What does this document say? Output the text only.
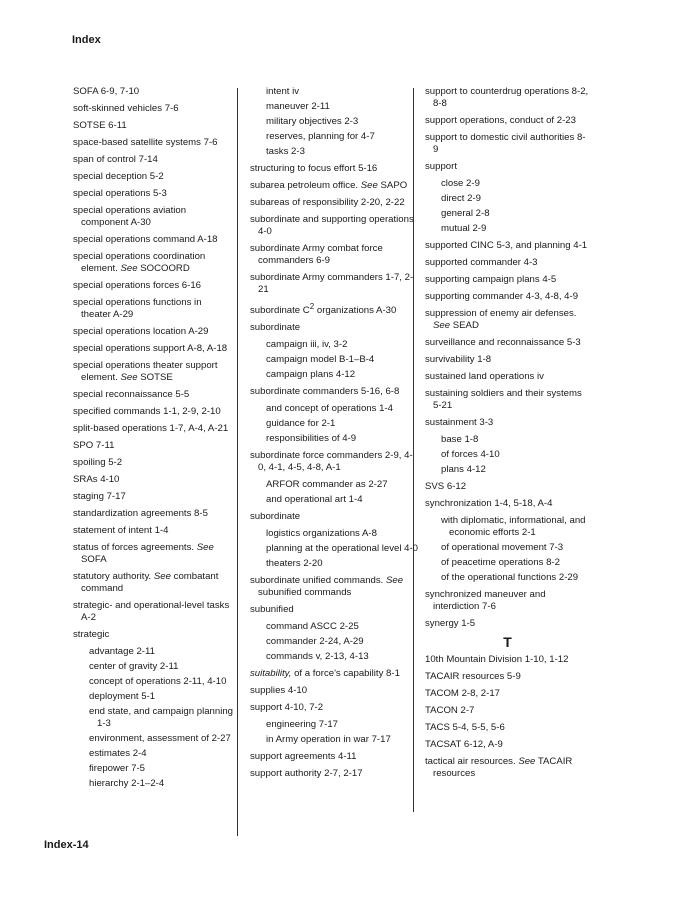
Index
SOFA 6-9, 7-10
soft-skinned vehicles 7-6
SOTSE 6-11
space-based satellite systems 7-6
span of control 7-14
special deception 5-2
special operations 5-3
special operations aviation component A-30
special operations command A-18
special operations coordination element. See SOCOORD
special operations forces 6-16
special operations functions in theater A-29
special operations location A-29
special operations support A-8, A-18
special operations theater support element. See SOTSE
special reconnaissance 5-5
specified commands 1-1, 2-9, 2-10
split-based operations 1-7, A-4, A-21
SPO 7-11
spoiling 5-2
SRAs 4-10
staging 7-17
standardization agreements 8-5
statement of intent 1-4
status of forces agreements. See SOFA
statutory authority. See combatant command
strategic- and operational-level tasks A-2
strategic
advantage 2-11
center of gravity 2-11
concept of operations 2-11, 4-10
deployment 5-1
end state, and campaign planning 1-3
environment, assessment of 2-27
estimates 2-4
firepower 7-5
hierarchy 2-1–2-4
intent iv
maneuver 2-11
military objectives 2-3
reserves, planning for 4-7
tasks 2-3
structuring to focus effort 5-16
subarea petroleum office. See SAPO
subareas of responsibility 2-20, 2-22
subordinate and supporting operations 4-0
subordinate Army combat force commanders 6-9
subordinate Army commanders 1-7, 2-21
subordinate $C^2$ organizations A-30
subordinate
campaign iii, iv, 3-2
campaign model B-1–B-4
campaign plans 4-12
subordinate commanders 5-16, 6-8
and concept of operations 1-4
guidance for 2-1
responsibilities of 4-9
subordinate force commanders 2-9, 4-0, 4-1, 4-5, 4-8, A-1
ARFOR commander as 2-27
and operational art 1-4
subordinate
logistics organizations A-8
planning at the operational level 4-0
theaters 2-20
subordinate unified commands. See subunified commands
subunified
command ASCC 2-25
commander 2-24, A-29
commands v, 2-13, 4-13
suitability, of a force's capability 8-1
supplies 4-10
support 4-10, 7-2
engineering 7-17
in Army operation in war 7-17
support agreements 4-11
support authority 2-7, 2-17
support to counterdrug operations 8-2, 8-8
support operations, conduct of 2-23
support to domestic civil authorities 8-9
support
close 2-9
direct 2-9
general 2-8
mutual 2-9
supported CINC 5-3, and planning 4-1
supported commander 4-3
supporting campaign plans 4-5
supporting commander 4-3, 4-8, 4-9
suppression of enemy air defenses. See SEAD
surveillance and reconnaissance 5-3
survivability 1-8
sustained land operations iv
sustaining soldiers and their systems 5-21
sustainment 3-3
base 1-8
of forces 4-10
plans 4-12
SVS 6-12
synchronization 1-4, 5-18, A-4
with diplomatic, informational, and economic efforts 2-1
of operational movement 7-3
of peacetime operations 8-2
of the operational functions 2-29
synchronized maneuver and interdiction 7-6
synergy 1-5
T
10th Mountain Division 1-10, 1-12
TACAIR resources 5-9
TACOM 2-8, 2-17
TACON 2-7
TACS 5-4, 5-5, 5-6
TACSAT 6-12, A-9
tactical air resources. See TACAIR resources
Index-14
